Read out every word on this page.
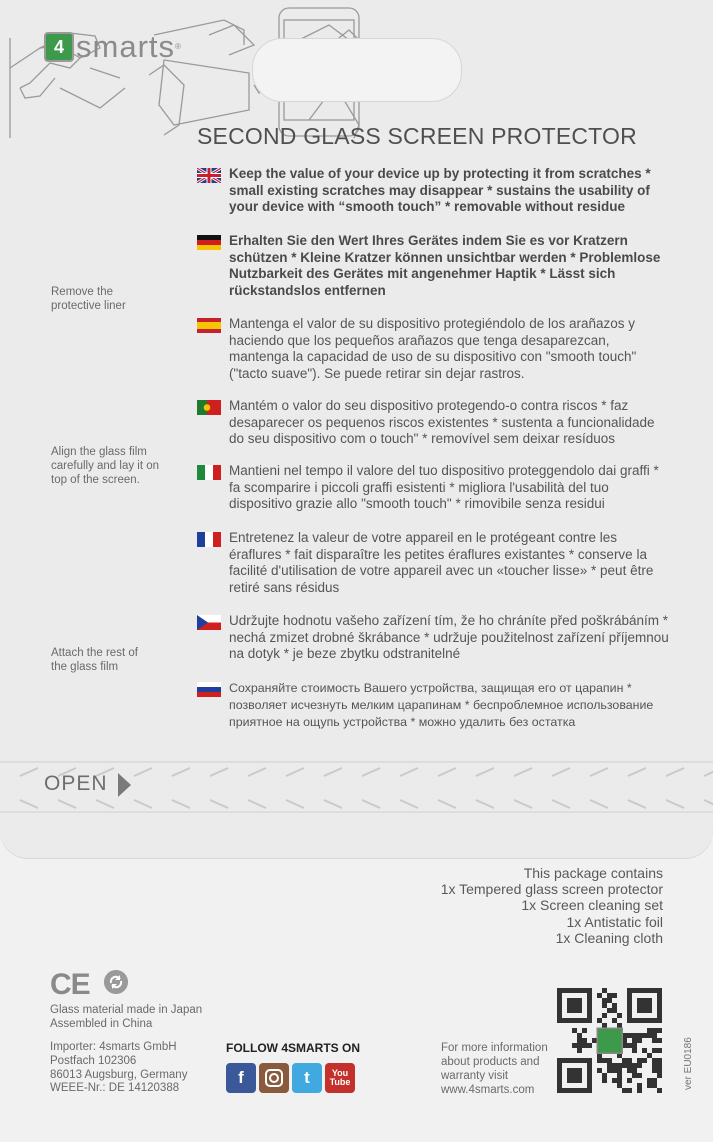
4 smarts®
SECOND GLASS SCREEN PROTECTOR

Remove the protective liner

Align the glass film carefully and lay it on top of the screen.
Attach the rest of the glass film
Keep the value of your device up by protecting it from scratches * small existing scratches may disappear * sustains the usability of your device with “smooth touch” * removable without residue
Erhalten Sie den Wert Ihres Gerätes indem Sie es vor Kratzern schützen * Kleine Kratzer können unsichtbar werden * Problemlose Nutzbarkeit des Gerätes mit angenehmer Haptik * Lässt sich rückstandslos entfernen
Mantenga el valor de su dispositivo protegiéndolo de los arañazos y haciendo que los pequeños arañazos que tenga desaparezcan, mantenga la capacidad de uso de su dispositivo con "smooth touch" ("tacto suave"). Se puede retirar sin dejar rastros.
Mantém o valor do seu dispositivo protegendo-o contra riscos * faz desaparecer os pequenos riscos existentes * sustenta a funcionalidade do seu dispositivo com o touch" * removível sem deixar resíduos
Mantieni nel tempo il valore del tuo dispositivo proteggendolo dai graffi * fa scomparire i piccoli graffi esistenti * migliora l'usabilità del tuo dispositivo grazie allo "smooth touch" * rimovibile senza residui
Entretenez la valeur de votre appareil en le protégeant contre les éraflures * fait disparaître les petites éraflures existantes * conserve la facilité d'utilisation de votre appareil avec un «toucher lisse» * peut être retiré sans résidus
Udržujte hodnotu vašeho zařízení tím, že ho chráníte před poškrábáním * nechá zmizet drobné škrábance * udržuje použitelnost zařízení příjemnou na dotyk * je beze zbytku odstranitelné
Сохраняйте стоимость Вашего устройства, защищая его от царапин * позволяет исчезнуть мелким царапинам * беспроблемное использование приятное на ощупь устройства * можно удалить без остатка
OPEN
This package contains
1x Tempered glass screen protector
1x Screen cleaning set
1x Antistatic foil
1x Cleaning cloth
CE
Glass material made in Japan
Assembled in China
Importer: 4smarts GmbH
Postfach 102306
86013 Augsburg, Germany
WEEE-Nr.: DE 14120388
FOLLOW 4SMARTS ON
f	t	You Tube
For more information
about products and
warranty visit
www.4smarts.com	ver EU0186
